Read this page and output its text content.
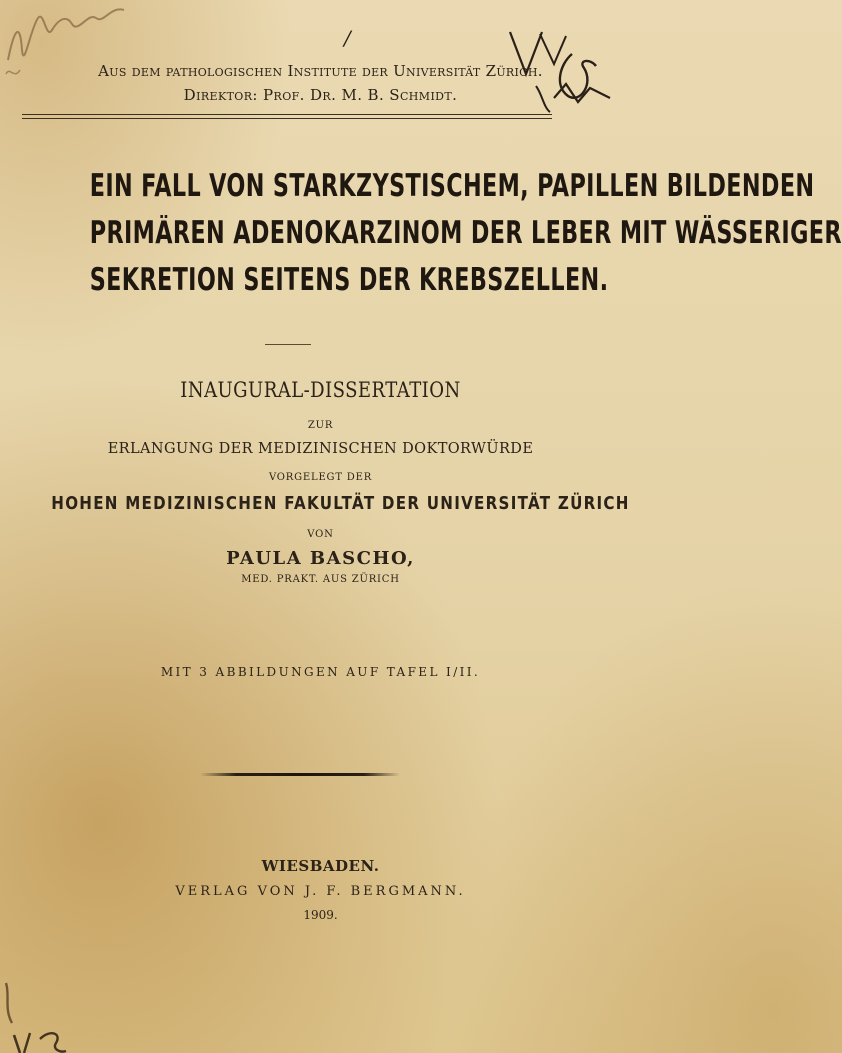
/
Aus dem pathologischen Institute der Universität Zürich.
Direktor: Prof. Dr. M. B. Schmidt.
EIN FALL VON STARKZYSTISCHEM, PAPILLEN BILDENDEN
PRIMÄREN ADENOKARZINOM DER LEBER MIT WÄSSERIGER
SEKRETION SEITENS DER KREBSZELLEN.
INAUGURAL-DISSERTATION
ZUR
ERLANGUNG DER MEDIZINISCHEN DOKTORWÜRDE
VORGELEGT DER
HOHEN MEDIZINISCHEN FAKULTÄT DER UNIVERSITÄT ZÜRICH
VON
PAULA BASCHO,
MED. PRAKT. AUS ZÜRICH
MIT 3 ABBILDUNGEN AUF TAFEL I/II.
WIESBADEN.
VERLAG VON J. F. BERGMANN.
1909.
